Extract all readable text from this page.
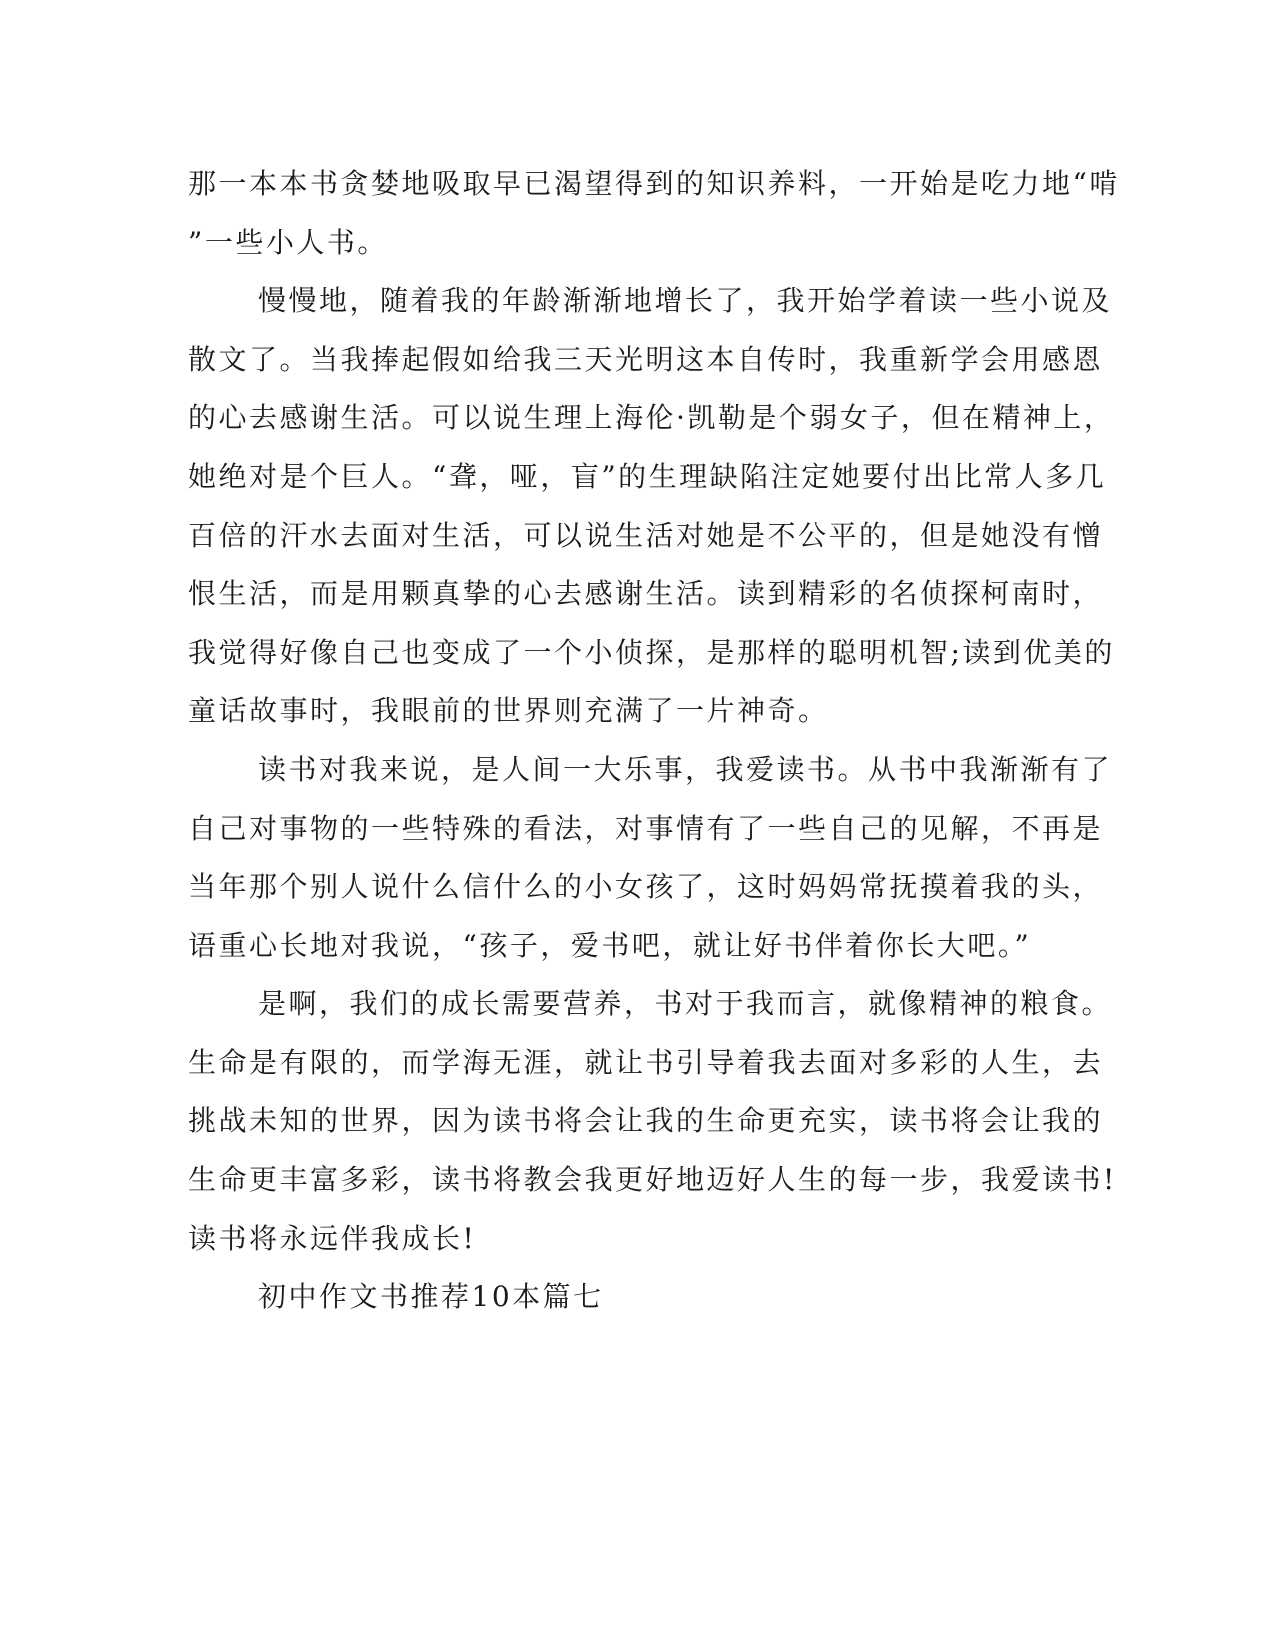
那一本本书贪婪地吸取早已渴望得到的知识养料，一开始是吃力地“啃
”一些小人书。
慢慢地，随着我的年龄渐渐地增长了，我开始学着读一些小说及
散文了。当我捧起假如给我三天光明这本自传时，我重新学会用感恩
的心去感谢生活。可以说生理上海伦·凯勒是个弱女子，但在精神上，
她绝对是个巨人。“聋，哑，盲”的生理缺陷注定她要付出比常人多几
百倍的汗水去面对生活，可以说生活对她是不公平的，但是她没有憎
恨生活，而是用颗真挚的心去感谢生活。读到精彩的名侦探柯南时，
我觉得好像自己也变成了一个小侦探，是那样的聪明机智;读到优美的
童话故事时，我眼前的世界则充满了一片神奇。
读书对我来说，是人间一大乐事，我爱读书。从书中我渐渐有了
自己对事物的一些特殊的看法，对事情有了一些自己的见解，不再是
当年那个别人说什么信什么的小女孩了，这时妈妈常抚摸着我的头，
语重心长地对我说，“孩子，爱书吧，就让好书伴着你长大吧。”
是啊，我们的成长需要营养，书对于我而言，就像精神的粮食。
生命是有限的，而学海无涯，就让书引导着我去面对多彩的人生，去
挑战未知的世界，因为读书将会让我的生命更充实，读书将会让我的
生命更丰富多彩，读书将教会我更好地迈好人生的每一步，我爱读书!
读书将永远伴我成长!
初中作文书推荐10本篇七
